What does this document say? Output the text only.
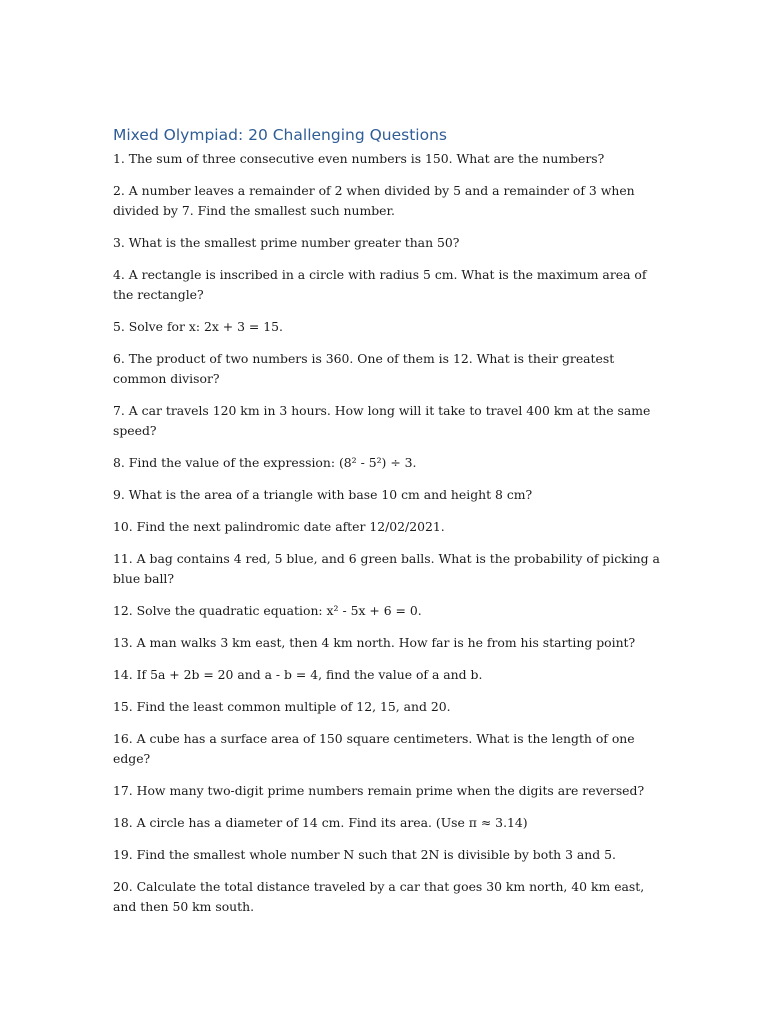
Mixed Olympiad: 20 Challenging Questions
1. The sum of three consecutive even numbers is 150. What are the numbers?
2. A number leaves a remainder of 2 when divided by 5 and a remainder of 3 when divided by 7. Find the smallest such number.
3. What is the smallest prime number greater than 50?
4. A rectangle is inscribed in a circle with radius 5 cm. What is the maximum area of the rectangle?
5. Solve for x: 2x + 3 = 15.
6. The product of two numbers is 360. One of them is 12. What is their greatest common divisor?
7. A car travels 120 km in 3 hours. How long will it take to travel 400 km at the same speed?
8. Find the value of the expression: (8² - 5²) ÷ 3.
9. What is the area of a triangle with base 10 cm and height 8 cm?
10. Find the next palindromic date after 12/02/2021.
11. A bag contains 4 red, 5 blue, and 6 green balls. What is the probability of picking a blue ball?
12. Solve the quadratic equation: x² - 5x + 6 = 0.
13. A man walks 3 km east, then 4 km north. How far is he from his starting point?
14. If 5a + 2b = 20 and a - b = 4, find the value of a and b.
15. Find the least common multiple of 12, 15, and 20.
16. A cube has a surface area of 150 square centimeters. What is the length of one edge?
17. How many two-digit prime numbers remain prime when the digits are reversed?
18. A circle has a diameter of 14 cm. Find its area. (Use π ≈ 3.14)
19. Find the smallest whole number N such that 2N is divisible by both 3 and 5.
20. Calculate the total distance traveled by a car that goes 30 km north, 40 km east, and then 50 km south.
